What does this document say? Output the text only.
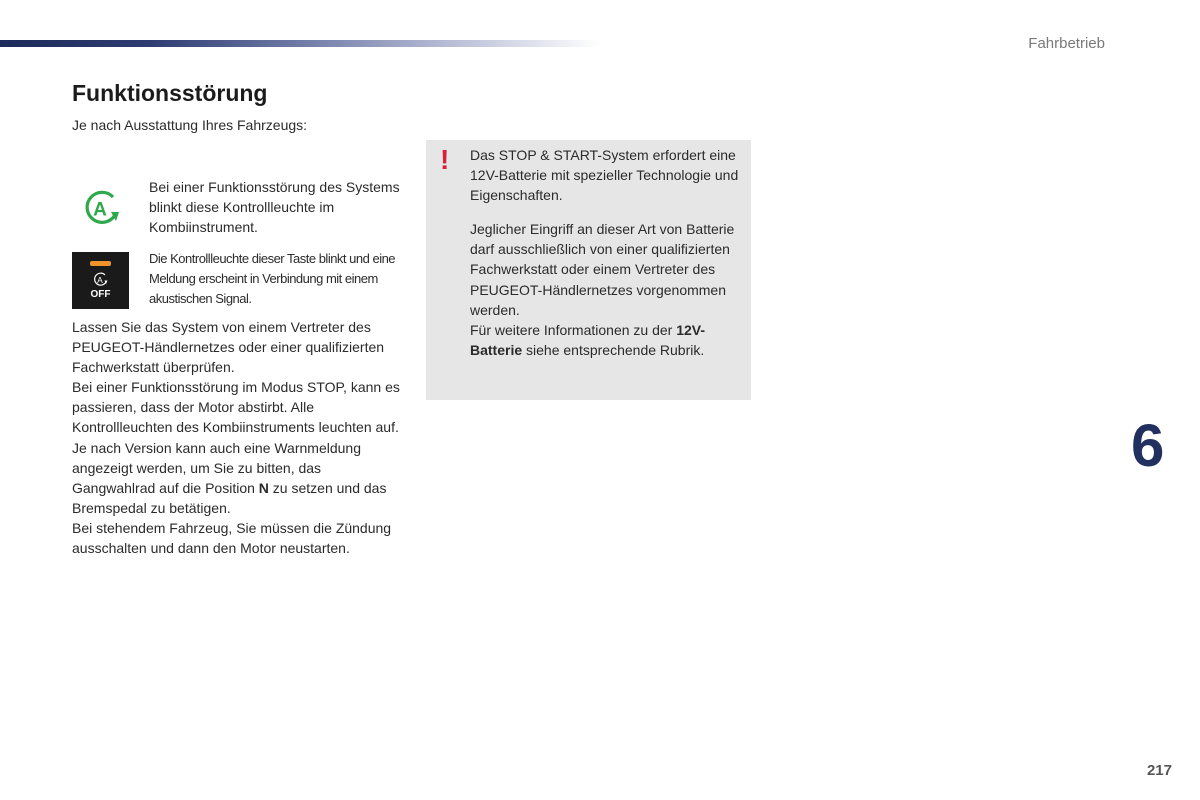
Fahrbetrieb
Funktionsstörung
Je nach Ausstattung Ihres Fahrzeugs:
A
Bei einer Funktionsstörung des Systems blinkt diese Kontrollleuchte im Kombiinstrument.
A
OFF
Die Kontrollleuchte dieser Taste blinkt und eine Meldung erscheint in Verbindung mit einem akustischen Signal.

Lassen Sie das System von einem Vertreter des PEUGEOT-Händlernetzes oder einer qualifizierten Fachwerkstatt überprüfen.

Bei einer Funktionsstörung im Modus STOP, kann es passieren, dass der Motor abstirbt. Alle Kontrollleuchten des Kombiinstruments leuchten auf.

Je nach Version kann auch eine Warnmeldung angezeigt werden, um Sie zu bitten, das Gangwahlrad auf die Position N zu setzen und das Bremspedal zu betätigen.

Bei stehendem Fahrzeug, Sie müssen die Zündung ausschalten und dann den Motor neustarten.

! Das STOP & START-System erfordert eine 12V-Batterie mit spezieller Technologie und Eigenschaften.

Jeglicher Eingriff an dieser Art von Batterie darf ausschließlich von einer qualifizierten Fachwerkstatt oder einem Vertreter des PEUGEOT-Händlernetzes vorgenommen werden.

Für weitere Informationen zu der 12V-Batterie siehe entsprechende Rubrik.

6
217
